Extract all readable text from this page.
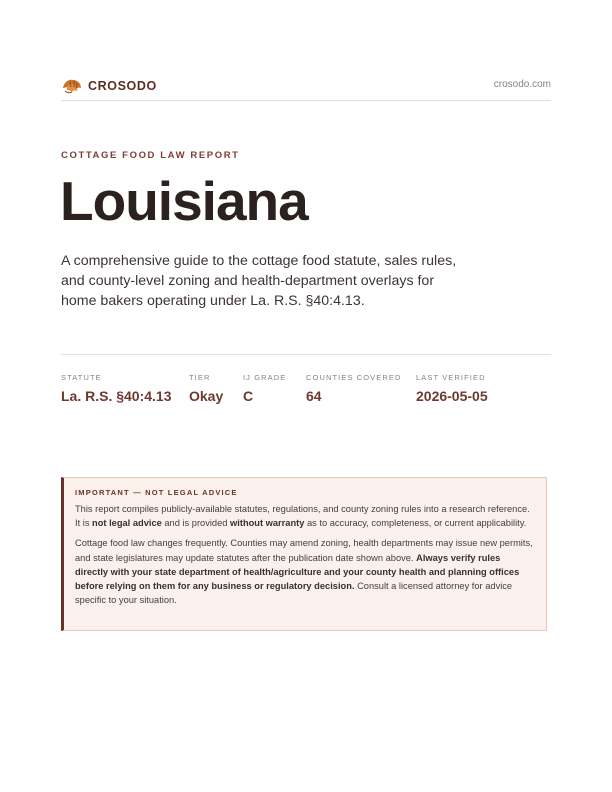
CROSODO	crosodo.com
COTTAGE FOOD LAW REPORT
Louisiana
A comprehensive guide to the cottage food statute, sales rules, and county-level zoning and health-department overlays for home bakers operating under La. R.S. §40:4.13.
STATUTE
La. R.S. §40:4.13
TIER
Okay
IJ GRADE
C
COUNTIES COVERED
64
LAST VERIFIED
2026-05-05
IMPORTANT — NOT LEGAL ADVICE

This report compiles publicly-available statutes, regulations, and county zoning rules into a research reference. It is not legal advice and is provided without warranty as to accuracy, completeness, or current applicability.

Cottage food law changes frequently. Counties may amend zoning, health departments may issue new permits, and state legislatures may update statutes after the publication date shown above. Always verify rules directly with your state department of health/agriculture and your county health and planning offices before relying on them for any business or regulatory decision. Consult a licensed attorney for advice specific to your situation.
